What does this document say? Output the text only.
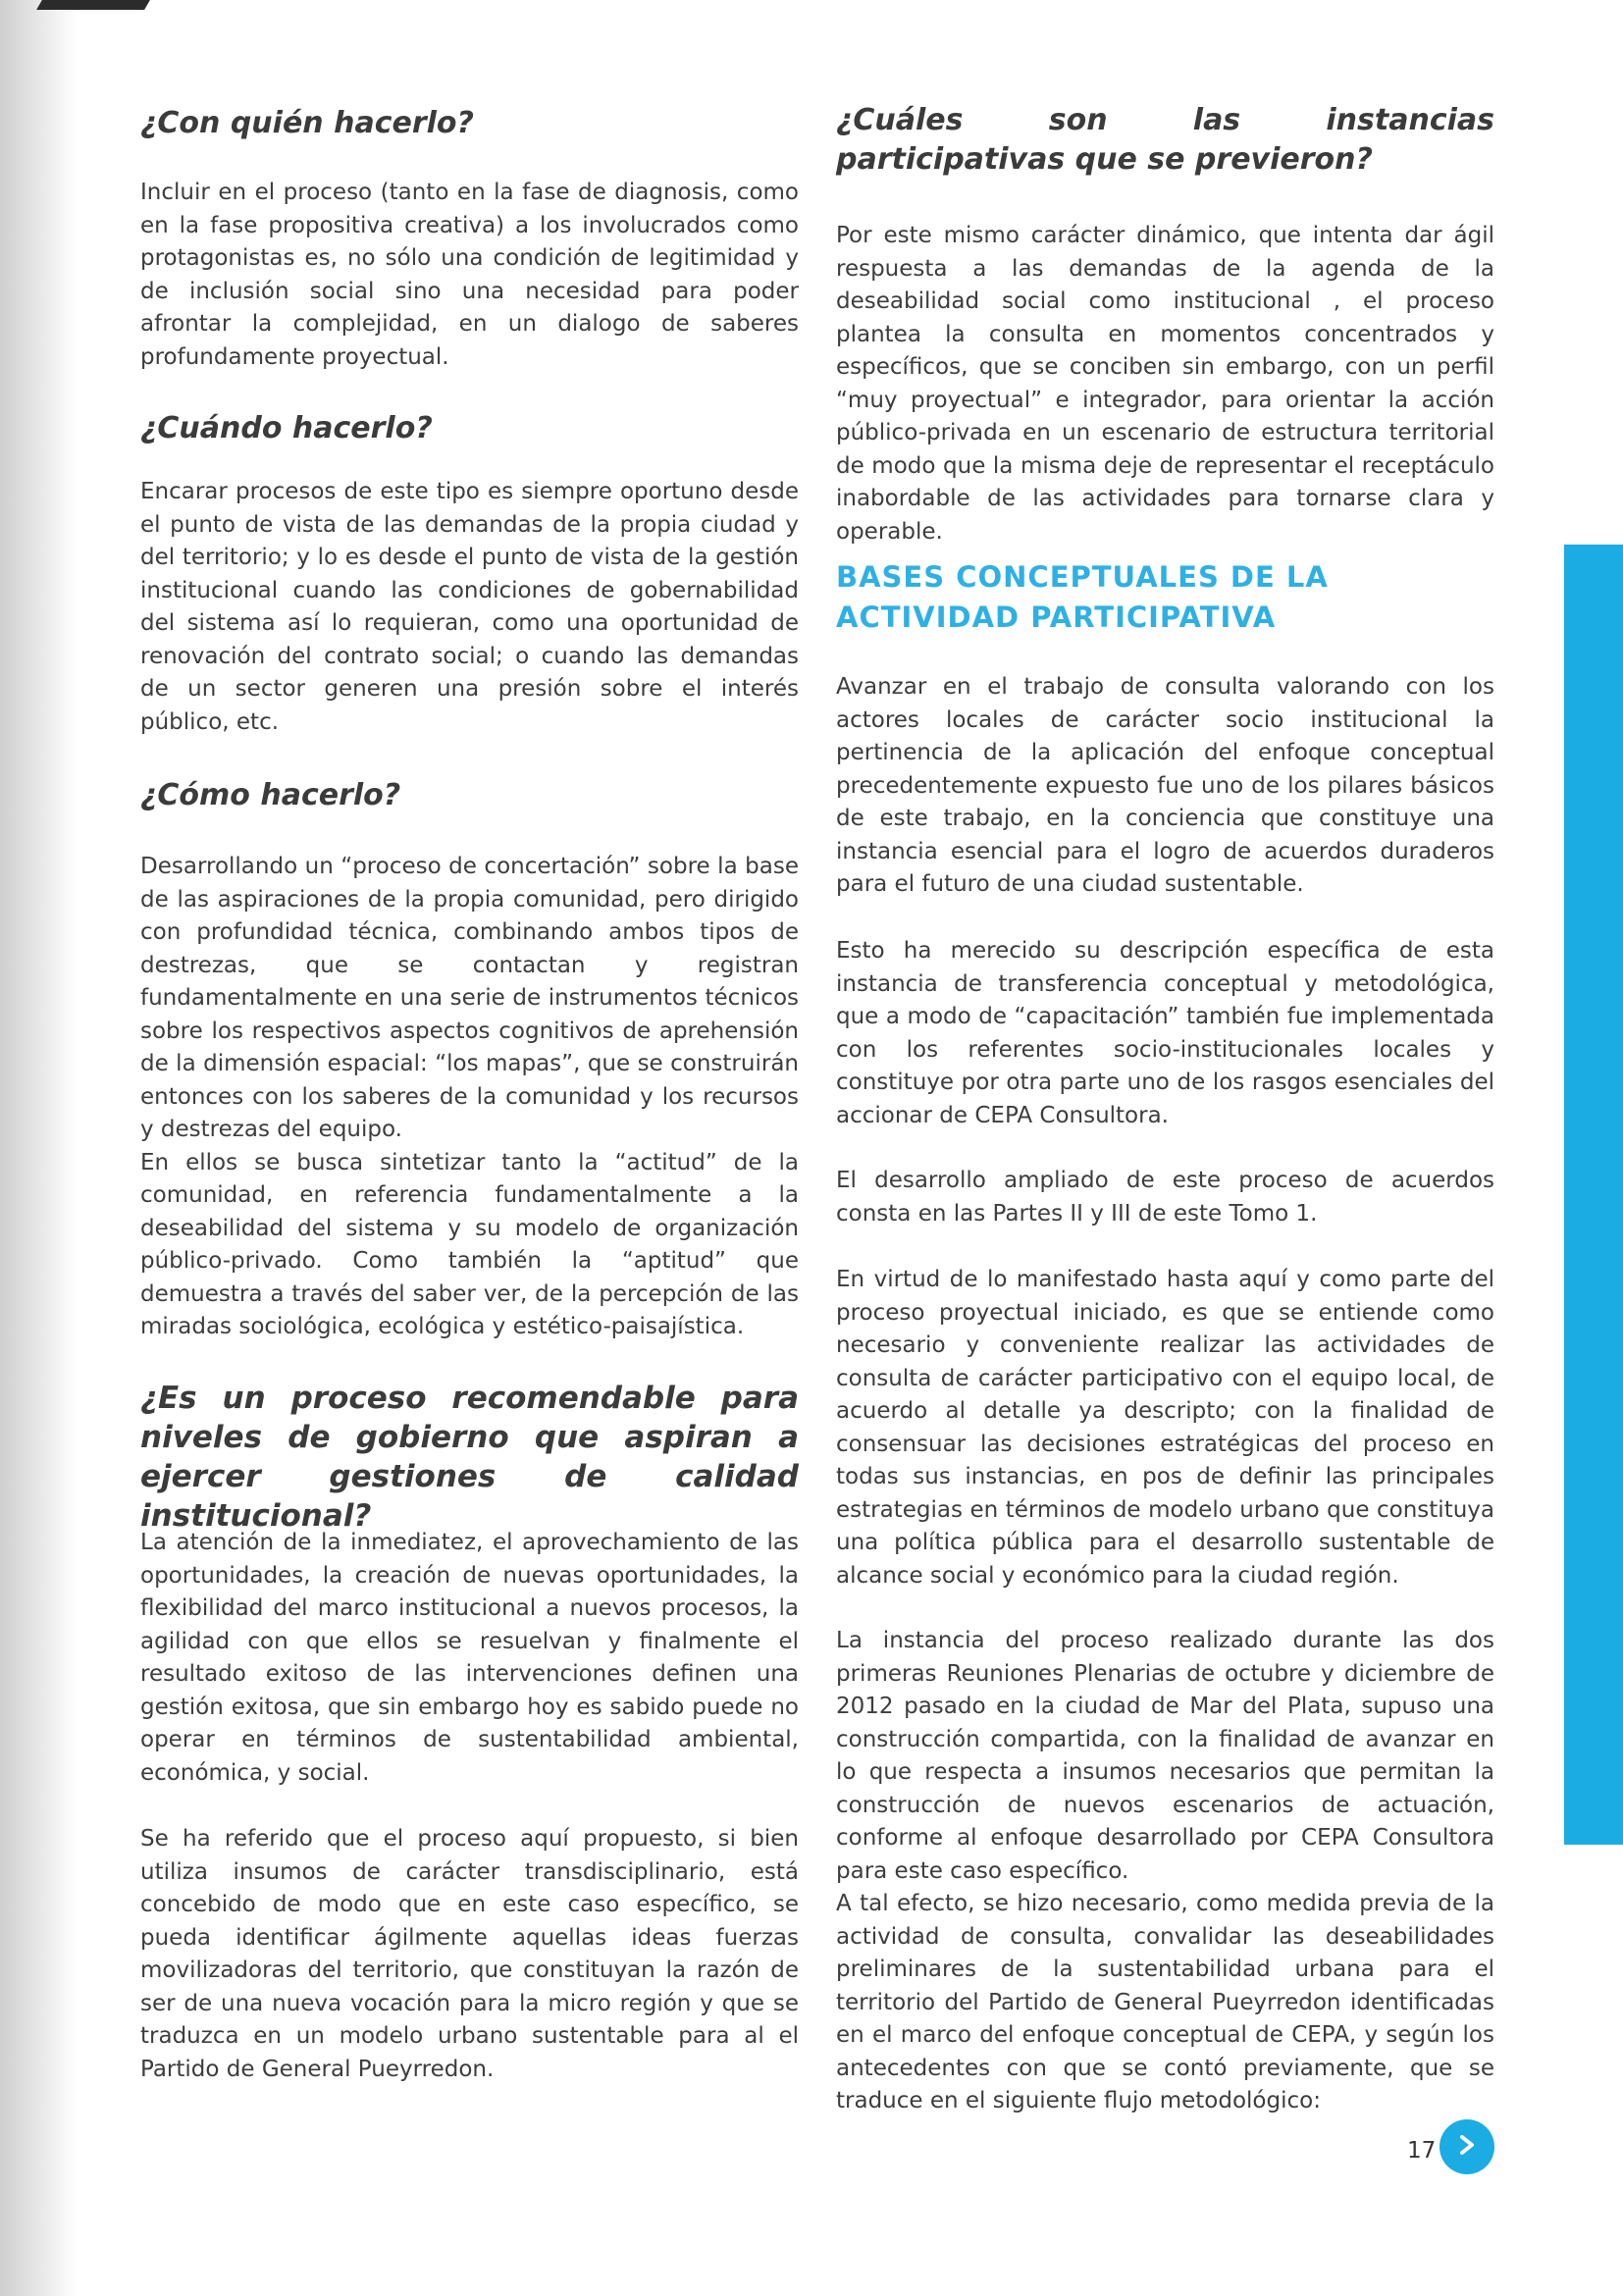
¿Con quién hacerlo?

Incluir en el proceso (tanto en la fase de diagnosis, como en la fase propositiva creativa) a los involucrados como protagonistas es, no sólo una condición de legitimidad y de inclusión social sino una necesidad para poder afrontar la complejidad, en un dialogo de saberes profundamente proyectual.

¿Cuándo hacerlo?

Encarar procesos de este tipo es siempre oportuno desde el punto de vista de las demandas de la propia ciudad y del territorio; y lo es desde el punto de vista de la gestión institucional cuando las condiciones de gobernabilidad del sistema así lo requieran, como una oportunidad de renovación del contrato social; o cuando las demandas de un sector generen una presión sobre el interés público, etc.

¿Cómo hacerlo?

Desarrollando un “proceso de concertación” sobre la base de las aspiraciones de la propia comunidad, pero dirigido con profundidad técnica, combinando ambos tipos de destrezas, que se contactan y registran fundamentalmente en una serie de instrumentos técnicos sobre los respectivos aspectos cognitivos de aprehensión de la dimensión espacial: “los mapas”, que se construirán entonces con los saberes de la comunidad y los recursos y destrezas del equipo.
En ellos se busca sintetizar tanto la “actitud” de la comunidad, en referencia fundamentalmente a la deseabilidad del sistema y su modelo de organización público-privado. Como también la “aptitud” que demuestra a través del saber ver, de la percepción de las miradas sociológica, ecológica y estético-paisajística.

¿Es un proceso recomendable para niveles de gobierno que aspiran a ejercer gestiones de calidad institucional?

La atención de la inmediatez, el aprovechamiento de las oportunidades, la creación de nuevas oportunidades, la flexibilidad del marco institucional a nuevos procesos, la agilidad con que ellos se resuelvan y finalmente el resultado exitoso de las intervenciones definen una gestión exitosa, que sin embargo hoy es sabido puede no operar en términos de sustentabilidad ambiental, económica, y social.

Se ha referido que el proceso aquí propuesto, si bien utiliza insumos de carácter transdisciplinario, está concebido de modo que en este caso específico, se pueda identificar ágilmente aquellas ideas fuerzas movilizadoras del territorio, que constituyan la razón de ser de una nueva vocación para la micro región y que se traduzca en un modelo urbano sustentable para al el Partido de General Pueyrredon.

¿Cuáles son las instancias participativas que se previeron?

Por este mismo carácter dinámico, que intenta dar ágil respuesta a las demandas de la agenda de la deseabilidad social como institucional , el proceso plantea la consulta en momentos concentrados y específicos, que se conciben sin embargo, con un perfil “muy proyectual” e integrador, para orientar la acción público-privada en un escenario de estructura territorial de modo que la misma deje de representar el receptáculo inabordable de las actividades para tornarse clara y operable.

BASES CONCEPTUALES DE LA ACTIVIDAD PARTICIPATIVA

Avanzar en el trabajo de consulta valorando con los actores locales de carácter socio institucional la pertinencia de la aplicación del enfoque conceptual precedentemente expuesto fue uno de los pilares básicos de este trabajo, en la conciencia que constituye una instancia esencial para el logro de acuerdos duraderos para el futuro de una ciudad sustentable.

Esto ha merecido su descripción específica de esta instancia de transferencia conceptual y metodológica, que a modo de “capacitación” también fue implementada con los referentes socio-institucionales locales y constituye por otra parte uno de los rasgos esenciales del accionar de CEPA Consultora.

El desarrollo ampliado de este proceso de acuerdos consta en las Partes II y III de este Tomo 1.

En virtud de lo manifestado hasta aquí y como parte del proceso proyectual iniciado, es que se entiende como necesario y conveniente realizar las actividades de consulta de carácter participativo con el equipo local, de acuerdo al detalle ya descripto; con la finalidad de consensuar las decisiones estratégicas del proceso en todas sus instancias, en pos de definir las principales estrategias en términos de modelo urbano que constituya una política pública para el desarrollo sustentable de alcance social y económico para la ciudad región.

La instancia del proceso realizado durante las dos primeras Reuniones Plenarias de octubre y diciembre de 2012 pasado en la ciudad de Mar del Plata, supuso una construcción compartida, con la finalidad de avanzar en lo que respecta a insumos necesarios que permitan la construcción de nuevos escenarios de actuación, conforme al enfoque desarrollado por CEPA Consultora para este caso específico.
A tal efecto, se hizo necesario, como medida previa de la actividad de consulta, convalidar las deseabilidades preliminares de la sustentabilidad urbana para el territorio del Partido de General Pueyrredon identificadas en el marco del enfoque conceptual de CEPA, y según los antecedentes con que se contó previamente, que se traduce en el siguiente flujo metodológico:

17
